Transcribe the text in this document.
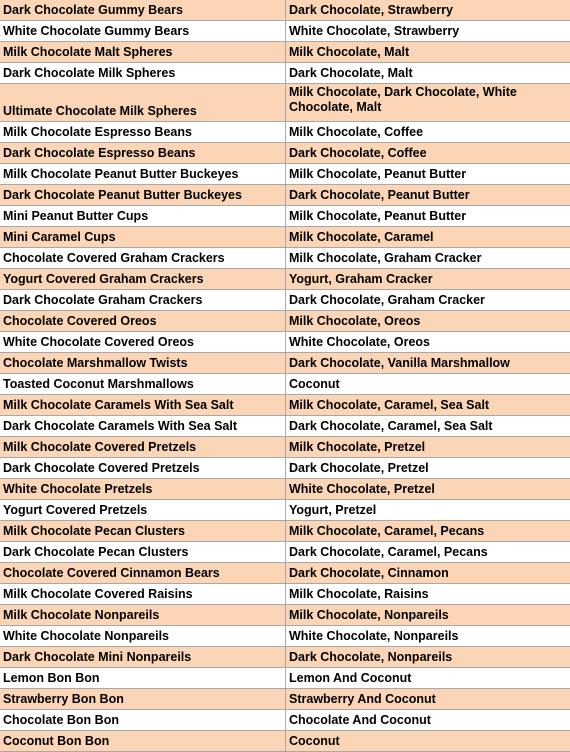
Dark Chocolate Gummy Bears	Dark Chocolate, Strawberry
White Chocolate Gummy Bears	White Chocolate, Strawberry
Milk Chocolate Malt Spheres	Milk Chocolate, Malt
Dark Chocolate Milk Spheres	Dark Chocolate, Malt
Ultimate Chocolate Milk Spheres	Milk Chocolate, Dark Chocolate, White Chocolate, Malt
Milk Chocolate Espresso Beans	Milk Chocolate, Coffee
Dark Chocolate Espresso Beans	Dark Chocolate, Coffee
Milk Chocolate Peanut Butter Buckeyes	Milk Chocolate, Peanut Butter
Dark Chocolate Peanut Butter Buckeyes	Dark Chocolate, Peanut Butter
Mini Peanut Butter Cups	Milk Chocolate, Peanut Butter
Mini Caramel Cups	Milk Chocolate, Caramel
Chocolate Covered Graham Crackers	Milk Chocolate, Graham Cracker
Yogurt Covered Graham Crackers	Yogurt, Graham Cracker
Dark Chocolate Graham Crackers	Dark Chocolate, Graham Cracker
Chocolate Covered Oreos	Milk Chocolate, Oreos
White Chocolate Covered Oreos	White Chocolate, Oreos
Chocolate Marshmallow Twists	Dark Chocolate, Vanilla Marshmallow
Toasted Coconut Marshmallows	Coconut
Milk Chocolate Caramels With Sea Salt	Milk Chocolate, Caramel, Sea Salt
Dark Chocolate Caramels With Sea Salt	Dark Chocolate, Caramel, Sea Salt
Milk Chocolate Covered Pretzels	Milk Chocolate, Pretzel
Dark Chocolate Covered Pretzels	Dark Chocolate, Pretzel
White Chocolate Pretzels	White Chocolate, Pretzel
Yogurt Covered Pretzels	Yogurt, Pretzel
Milk Chocolate Pecan Clusters	Milk Chocolate, Caramel, Pecans
Dark Chocolate Pecan Clusters	Dark Chocolate, Caramel, Pecans
Chocolate Covered Cinnamon Bears	Dark Chocolate, Cinnamon
Milk Chocolate Covered Raisins	Milk Chocolate, Raisins
Milk Chocolate Nonpareils	Milk Chocolate, Nonpareils
White Chocolate Nonpareils	White Chocolate, Nonpareils
Dark Chocolate Mini Nonpareils	Dark Chocolate, Nonpareils
Lemon Bon Bon	Lemon And Coconut
Strawberry Bon Bon	Strawberry And Coconut
Chocolate Bon Bon	Chocolate And Coconut
Coconut Bon Bon	Coconut
